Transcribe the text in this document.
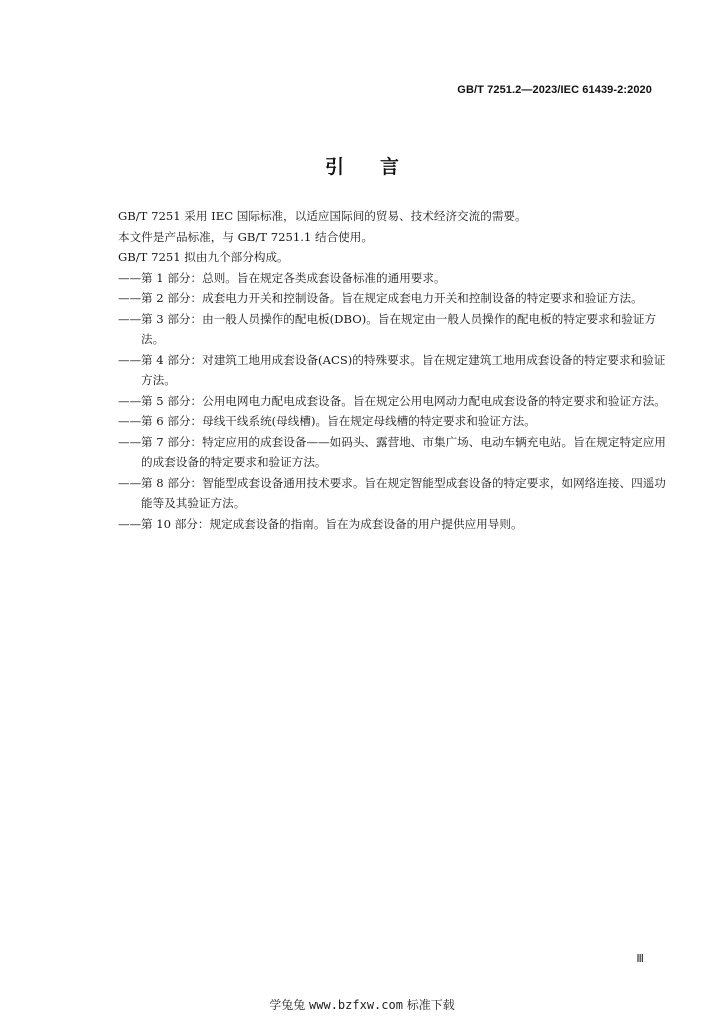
GB/T 7251.2—2023/IEC 61439-2:2020
引 言

GB/T 7251 采用 IEC 国际标准，以适应国际间的贸易、技术经济交流的需要。

本文件是产品标准，与 GB/T 7251.1 结合使用。

GB/T 7251 拟由九个部分构成。

—— 第 1 部分：总则。旨在规定各类成套设备标准的通用要求。
—— 第 2 部分：成套电力开关和控制设备。旨在规定成套电力开关和控制设备的特定要求和验证方法。
—— 第 3 部分：由一般人员操作的配电板(DBO)。旨在规定由一般人员操作的配电板的特定要求和验证方法。
—— 第 4 部分：对建筑工地用成套设备(ACS)的特殊要求。旨在规定建筑工地用成套设备的特定要求和验证方法。
—— 第 5 部分：公用电网电力配电成套设备。旨在规定公用电网动力配电成套设备的特定要求和验证方法。
—— 第 6 部分：母线干线系统(母线槽)。旨在规定母线槽的特定要求和验证方法。
—— 第 7 部分：特定应用的成套设备——如码头、露营地、市集广场、电动车辆充电站。旨在规定特定应用的成套设备的特定要求和验证方法。
—— 第 8 部分：智能型成套设备通用技术要求。旨在规定智能型成套设备的特定要求，如网络连接、四遥功能等及其验证方法。
—— 第 10 部分：规定成套设备的指南。旨在为成套设备的用户提供应用导则。
Ⅲ
学兔兔 www.bzfxw.com 标准下载
